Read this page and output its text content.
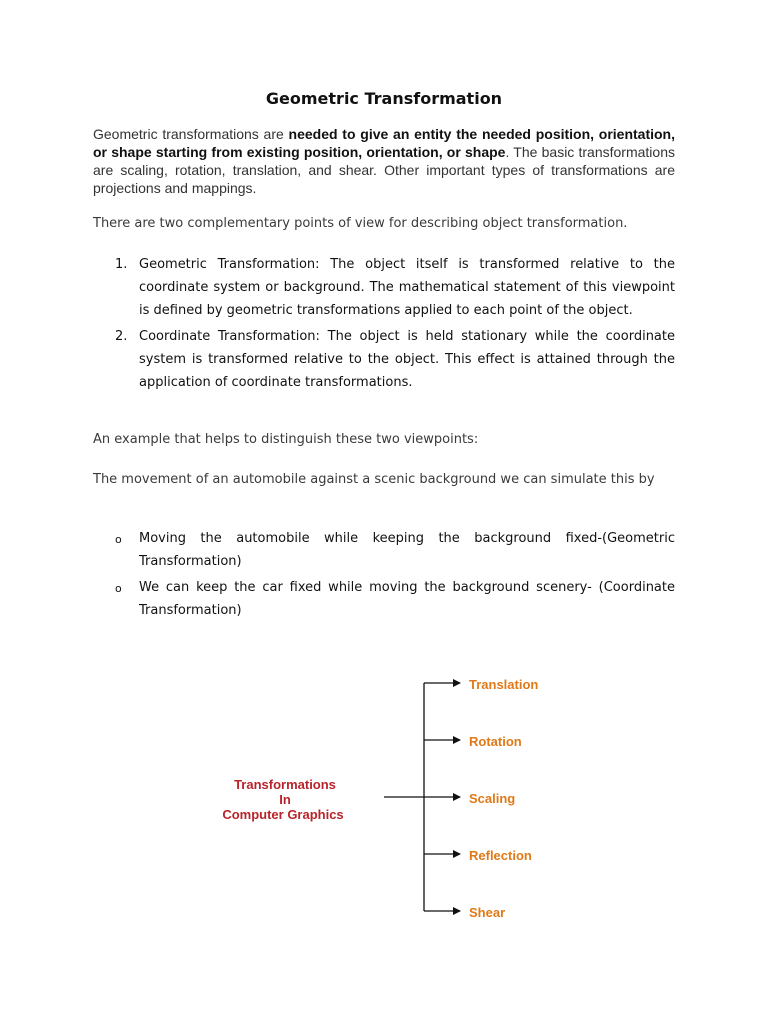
Geometric Transformation

Geometric transformations are needed to give an entity the needed position, orientation, or shape starting from existing position, orientation, or shape. The basic transformations are scaling, rotation, translation, and shear. Other important types of transformations are projections and mappings.

There are two complementary points of view for describing object transformation.

1. Geometric Transformation: The object itself is transformed relative to the coordinate system or background. The mathematical statement of this viewpoint is defined by geometric transformations applied to each point of the object.
2. Coordinate Transformation: The object is held stationary while the coordinate system is transformed relative to the object. This effect is attained through the application of coordinate transformations.

An example that helps to distinguish these two viewpoints:

The movement of an automobile against a scenic background we can simulate this by

o Moving the automobile while keeping the background fixed-(Geometric Transformation)
o We can keep the car fixed while moving the background scenery- (Coordinate Transformation)
Transformations
In
Computer Graphics
Translation
Rotation
Scaling
Reflection
Shear
